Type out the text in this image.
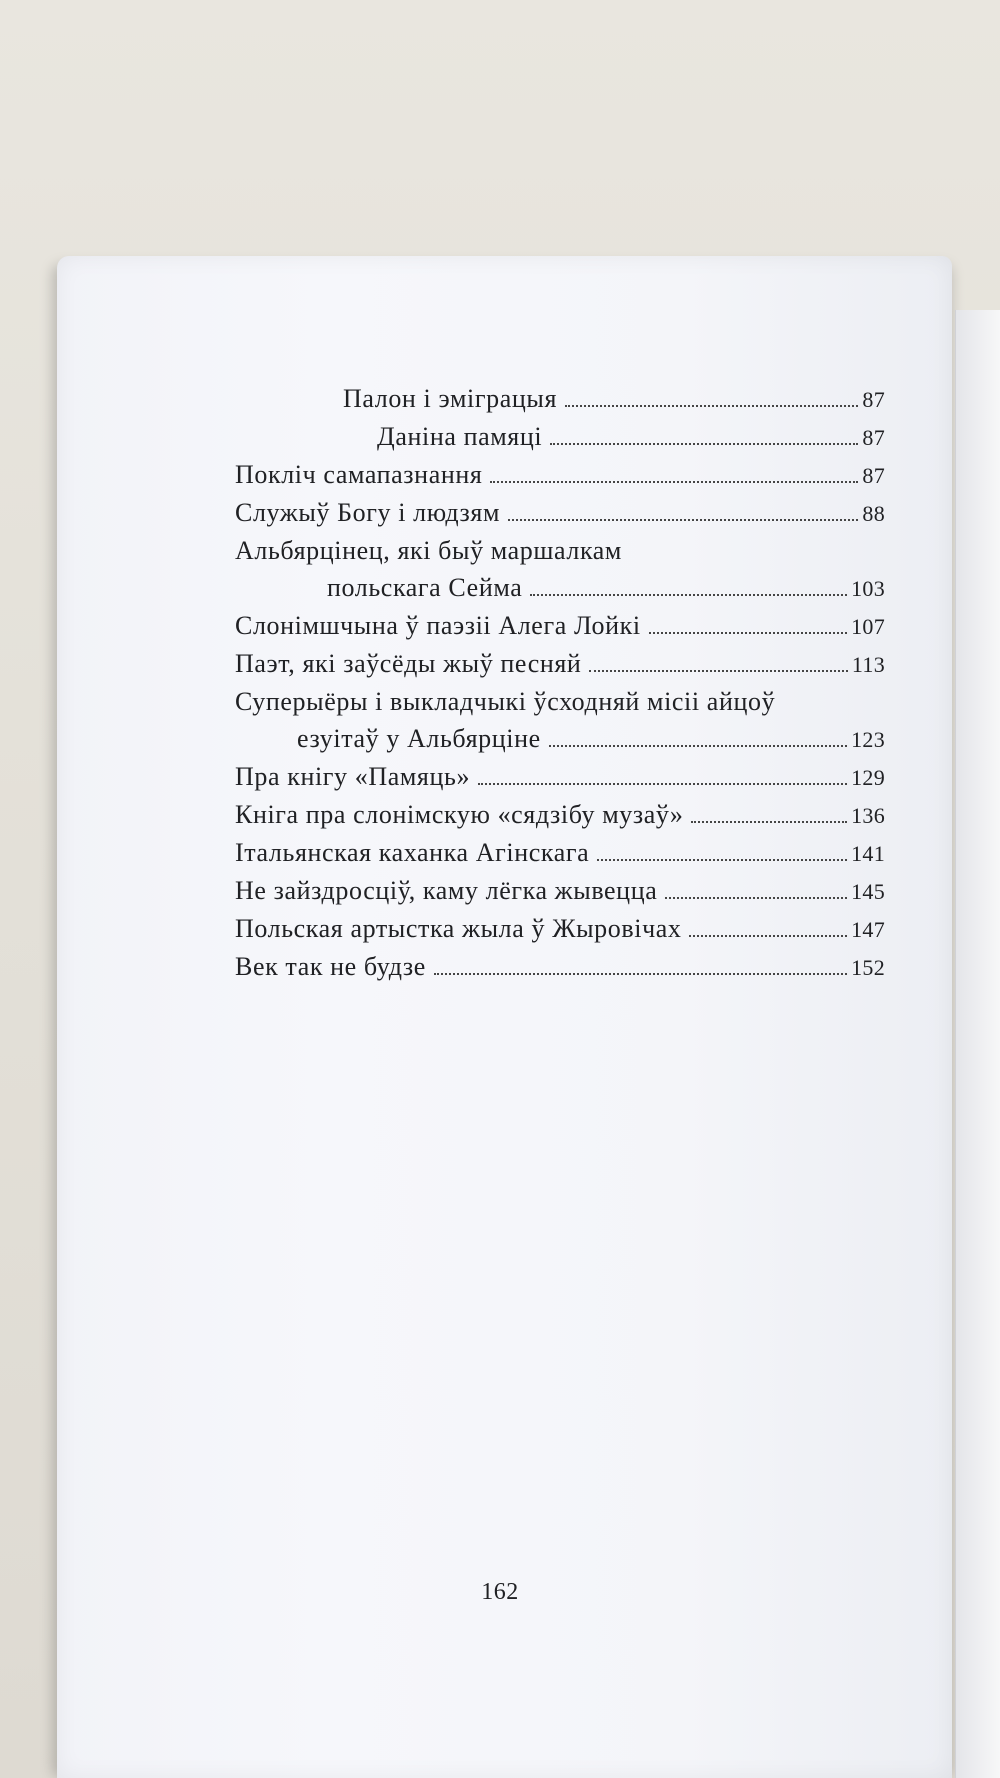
Палон і эміграцыя	87
Даніна памяці	87
Покліч самапазнання	87
Служыў Богу і людзям	88
Альбярцінец, які быў маршалкам
польскага Сейма	103
Слонімшчына ў паэзіі Алега Лойкі	107
Паэт, які заўсёды жыў песняй	113
Суперыёры і выкладчыкі ўсходняй місіі айцоў
езуітаў у Альбярціне	123
Пра кнігу «Памяць»	129
Кніга пра слонімскую «сядзібу музаў»	136
Італьянская каханка Агінскага	141
Не зайздросціў, каму лёгка жывецца	145
Польская артыстка жыла ў Жыровічах	147
Век так не будзе	152
162
